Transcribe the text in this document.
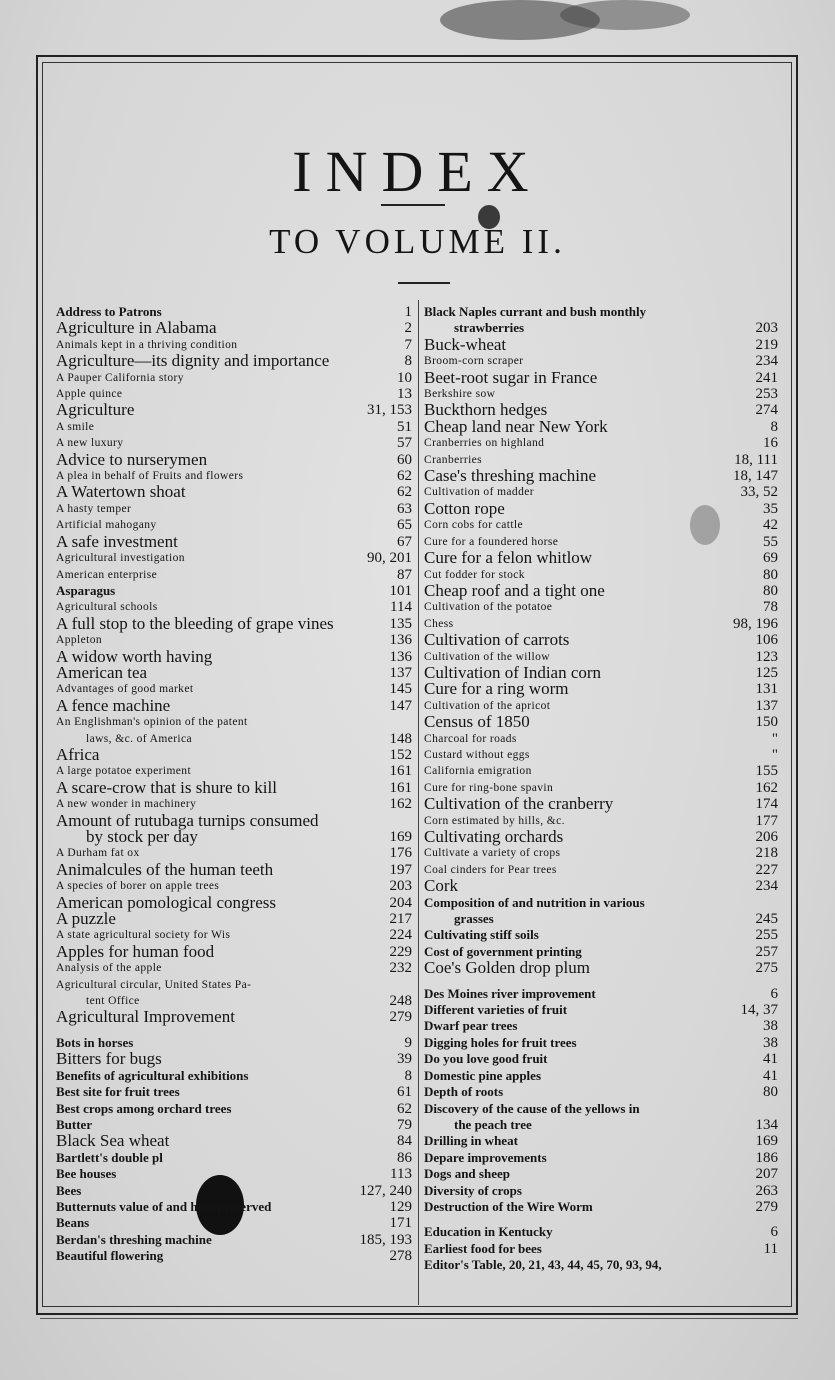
INDEX
TO VOLUME II.
Address to Patrons	1
Agriculture in Alabama	2
Animals kept in a thriving condition	7
Agriculture—its dignity and importance	8
A Pauper California story	10
Apple quince	13
Agriculture	31, 153
A smile	51
A new luxury	57
Advice to nurserymen	60
A plea in behalf of Fruits and flowers	62
A Watertown shoat	62
A hasty temper	63
Artificial mahogany	65
A safe investment	67
Agricultural investigation	90, 201
American enterprise	87
Asparagus	101
Agricultural schools	114
A full stop to the bleeding of grape vines	135
Appleton	136
A widow worth having	136
American tea	137
Advantages of good market	145
A fence machine	147
An Englishman's opinion of the patent
laws, &c. of America	148
Africa	152
A large potatoe experiment	161
A scare-crow that is shure to kill	161
A new wonder in machinery	162
Amount of rutubaga turnips consumed
by stock per day	169
A Durham fat ox	176
Animalcules of the human teeth	197
A species of borer on apple trees	203
American pomological congress	204
A puzzle	217
A state agricultural society for Wis	224
Apples for human food	229
Analysis of the apple	232
Agricultural circular, United States Pa-
tent Office	248
Agricultural Improvement	279
Bots in horses	9
Bitters for bugs	39
Benefits of agricultural exhibitions	8
Best site for fruit trees	61
Best crops among orchard trees	62
Butter	79
Black Sea wheat	84
Bartlett's double pl	86
Bee houses	113
Bees	127, 240
Butternuts value of and how preserved	129
Beans	171
Berdan's threshing machine	185, 193
Beautiful flowering	278
Black Naples currant and bush monthly
strawberries	203
Buck-wheat	219
Broom-corn scraper	234
Beet-root sugar in France	241
Berkshire sow	253
Buckthorn hedges	274
Cheap land near New York	8
Cranberries on highland	16
Cranberries	18, 111
Case's threshing machine	18, 147
Cultivation of madder	33, 52
Cotton rope	35
Corn cobs for cattle	42
Cure for a foundered horse	55
Cure for a felon whitlow	69
Cut fodder for stock	80
Cheap roof and a tight one	80
Cultivation of the potatoe	78
Chess	98, 196
Cultivation of carrots	106
Cultivation of the willow	123
Cultivation of Indian corn	125
Cure for a ring worm	131
Cultivation of the apricot	137
Census of 1850	150
Charcoal for roads	"
Custard without eggs	"
California emigration	155
Cure for ring-bone spavin	162
Cultivation of the cranberry	174
Corn estimated by hills, &c.	177
Cultivating orchards	206
Cultivate a variety of crops	218
Coal cinders for Pear trees	227
Cork	234
Composition of and nutrition in various
grasses	245
Cultivating stiff soils	255
Cost of government printing	257
Coe's Golden drop plum	275
Des Moines river improvement	6
Different varieties of fruit	14, 37
Dwarf pear trees	38
Digging holes for fruit trees	38
Do you love good fruit	41
Domestic pine apples	41
Depth of roots	80
Discovery of the cause of the yellows in
the peach tree	134
Drilling in wheat	169
Depare improvements	186
Dogs and sheep	207
Diversity of crops	263
Destruction of the Wire Worm	279
Education in Kentucky	6
Earliest food for bees	11
Editor's Table, 20, 21, 43, 44, 45, 70, 93, 94,
